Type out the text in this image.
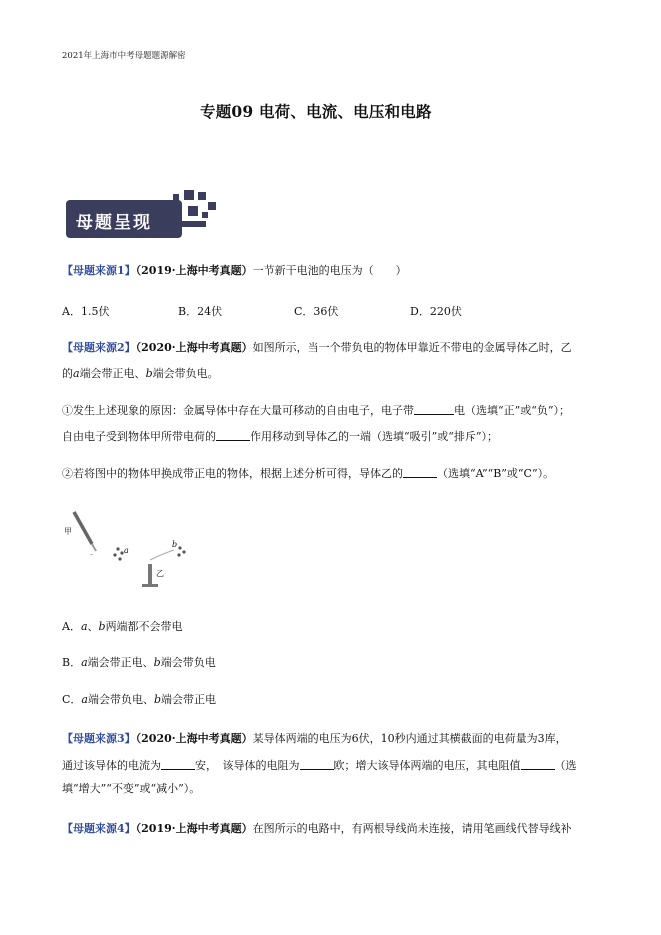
2021年上海市中考母题题源解密
专题09 电荷、电流、电压和电路
母题呈现
【母题来源1】（2019·上海中考真题）一节新干电池的电压为（　　）
A．1.5伏	B．24伏	C．36伏	D．220伏
【母题来源2】（2020·上海中考真题）如图所示，当一个带负电的物体甲靠近不带电的金属导体乙时，乙
的a端会带正电、b端会带负电。
①发生上述现象的原因：金属导体中存在大量可移动的自由电子，电子带	电（选填“正”或“负”）；
自由电子受到物体甲所带电荷的	作用移动到导体乙的一端（选填“吸引”或“排斥”）；
②若将图中的物体甲换成带正电的物体，根据上述分析可得，导体乙的	（选填“A”“B”或“C”）。
–
甲
a
b
乙
A．a、b两端都不会带电
B．a端会带正电、b端会带负电
C．a端会带负电、b端会带正电
【母题来源3】（2020·上海中考真题）某导体两端的电压为6伏，10秒内通过其横截面的电荷量为3库，
通过该导体的电流为	安，　该导体的电阻为	欧；增大该导体两端的电压，其电阻值	（选
填“增大”“不变”或“减小”）。
【母题来源4】（2019·上海中考真题）在图所示的电路中，有两根导线尚未连接，请用笔画线代替导线补
